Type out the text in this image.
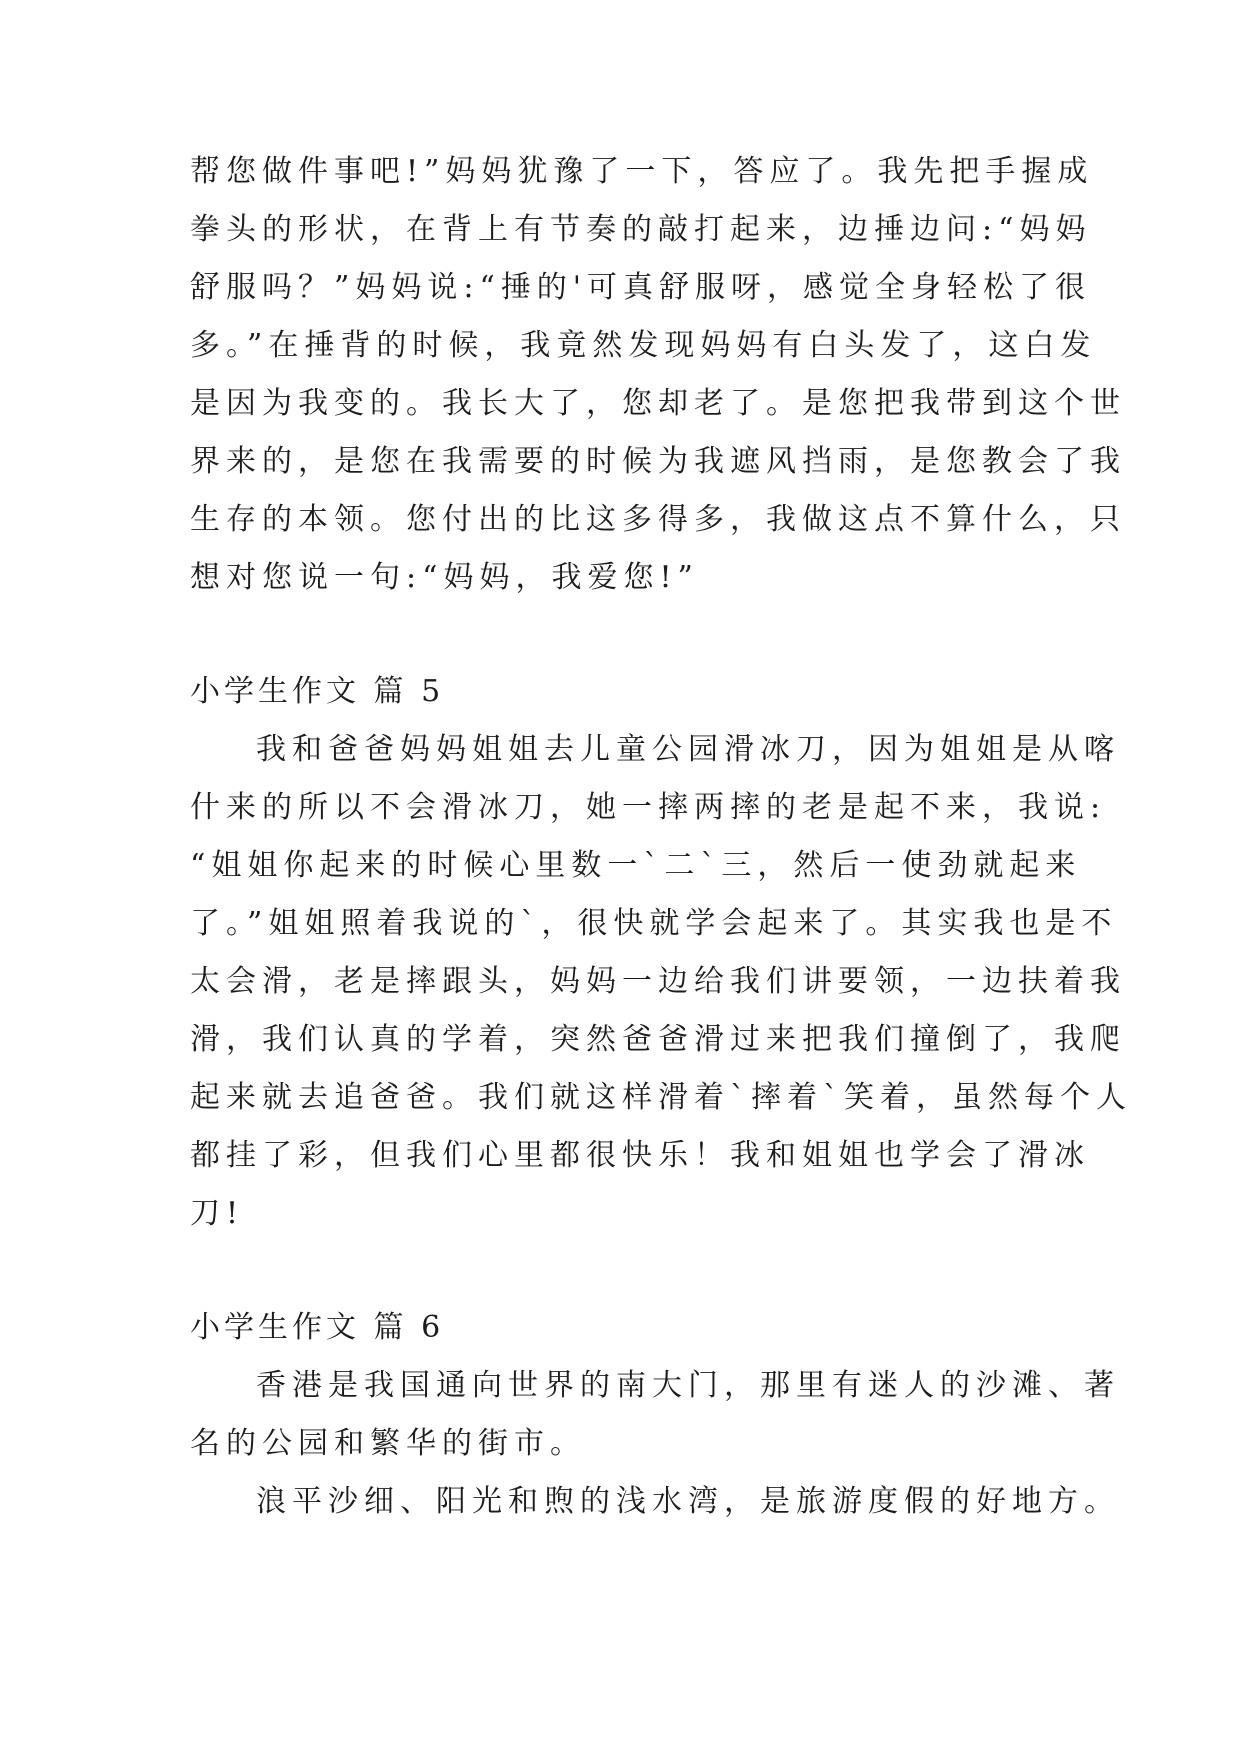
帮您做件事吧!”妈妈犹豫了一下，答应了。我先把手握成
拳头的形状，在背上有节奏的敲打起来，边捶边问:“妈妈
舒服吗？”妈妈说:“捶的'可真舒服呀，感觉全身轻松了很
多。”在捶背的时候，我竟然发现妈妈有白头发了，这白发
是因为我变的。我长大了，您却老了。是您把我带到这个世
界来的，是您在我需要的时候为我遮风挡雨，是您教会了我
生存的本领。您付出的比这多得多，我做这点不算什么，只
想对您说一句:“妈妈，我爱您!”
小学生作文 篇 5
我和爸爸妈妈姐姐去儿童公园滑冰刀，因为姐姐是从喀
什来的所以不会滑冰刀，她一摔两摔的老是起不来，我说:
“姐姐你起来的时候心里数一`二`三，然后一使劲就起来
了。”姐姐照着我说的`，很快就学会起来了。其实我也是不
太会滑，老是摔跟头，妈妈一边给我们讲要领，一边扶着我
滑，我们认真的学着，突然爸爸滑过来把我们撞倒了，我爬
起来就去追爸爸。我们就这样滑着`摔着`笑着，虽然每个人
都挂了彩，但我们心里都很快乐！我和姐姐也学会了滑冰
刀!
小学生作文 篇 6
香港是我国通向世界的南大门，那里有迷人的沙滩、著
名的公园和繁华的街市。
浪平沙细、阳光和煦的浅水湾，是旅游度假的好地方。
